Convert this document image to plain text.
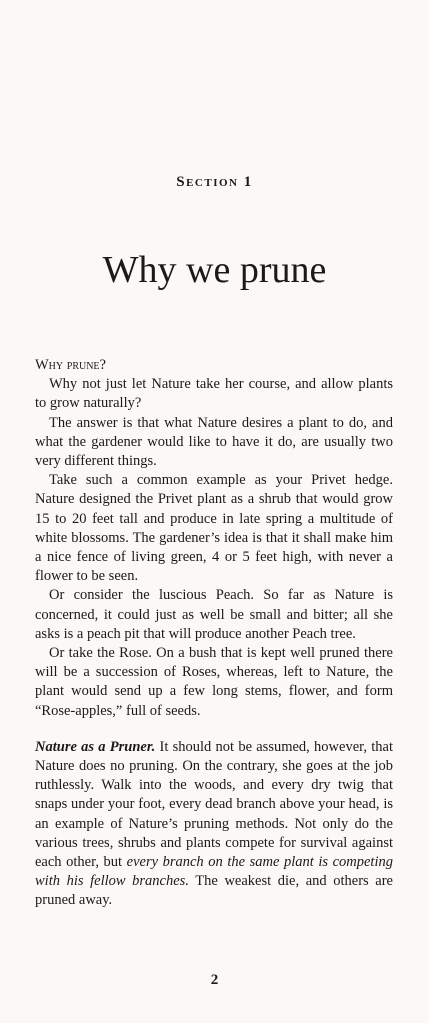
Section 1
Why we prune
Why prune?

Why not just let Nature take her course, and allow plants to grow naturally?

The answer is that what Nature desires a plant to do, and what the gardener would like to have it do, are usually two very different things.

Take such a common example as your Privet hedge. Nature designed the Privet plant as a shrub that would grow 15 to 20 feet tall and produce in late spring a multitude of white blossoms. The gardener’s idea is that it shall make him a nice fence of living green, 4 or 5 feet high, with never a flower to be seen.

Or consider the luscious Peach. So far as Nature is concerned, it could just as well be small and bitter; all she asks is a peach pit that will produce another Peach tree.

Or take the Rose. On a bush that is kept well pruned there will be a succession of Roses, whereas, left to Nature, the plant would send up a few long stems, flower, and form “Rose-apples,” full of seeds.

Nature as a Pruner. It should not be assumed, however, that Nature does no pruning. On the contrary, she goes at the job ruthlessly. Walk into the woods, and every dry twig that snaps under your foot, every dead branch above your head, is an example of Nature’s pruning methods. Not only do the various trees, shrubs and plants compete for survival against each other, but every branch on the same plant is competing with his fellow branches. The weakest die, and others are pruned away.

2
